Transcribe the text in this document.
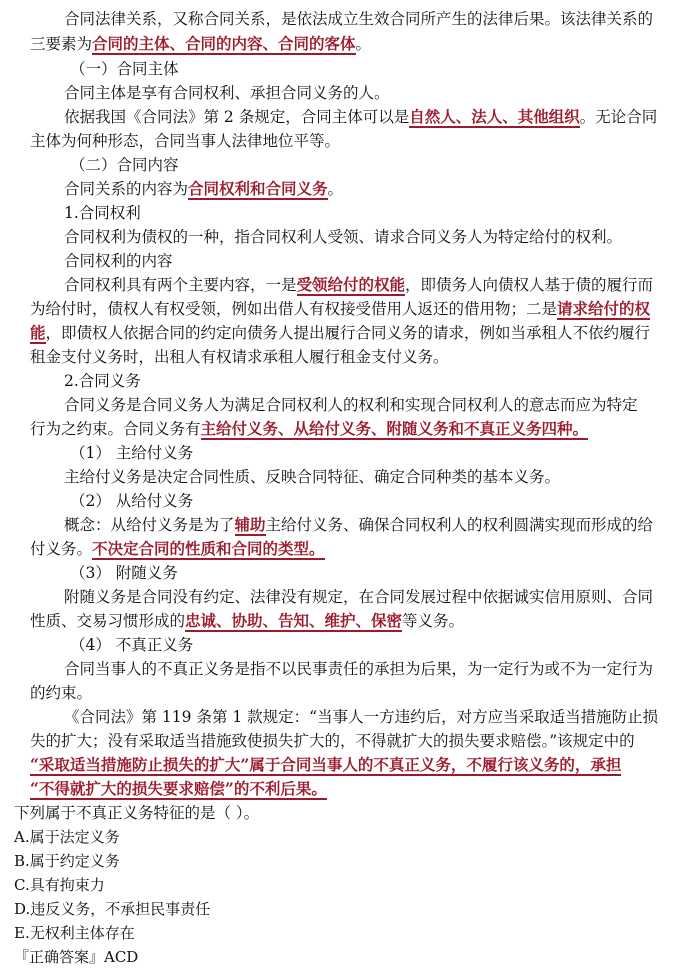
合同法律关系，又称合同关系，是依法成立生效合同所产生的法律后果。该法律关系的
三要素为合同的主体、合同的内容、合同的客体。
（一）合同主体
合同主体是享有合同权利、承担合同义务的人。
依据我国《合同法》第 2 条规定，合同主体可以是自然人、法人、其他组织。无论合同
主体为何种形态，合同当事人法律地位平等。
（二）合同内容
合同关系的内容为合同权利和合同义务。
1.合同权利
合同权利为债权的一种，指合同权利人受领、请求合同义务人为特定给付的权利。
合同权利的内容
合同权利具有两个主要内容，一是受领给付的权能，即债务人向债权人基于债的履行而
为给付时，债权人有权受领，例如出借人有权接受借用人返还的借用物；二是请求给付的权
能，即债权人依据合同的约定向债务人提出履行合同义务的请求，例如当承租人不依约履行
租金支付义务时，出租人有权请求承租人履行租金支付义务。
2.合同义务
合同义务是合同义务人为满足合同权利人的权利和实现合同权利人的意志而应为特定
行为之约束。合同义务有主给付义务、从给付义务、附随义务和不真正义务四种。
（1） 主给付义务
主给付义务是决定合同性质、反映合同特征、确定合同种类的基本义务。
（2） 从给付义务
概念：从给付义务是为了辅助主给付义务、确保合同权利人的权利圆满实现而形成的给
付义务。不决定合同的性质和合同的类型。
（3） 附随义务
附随义务是合同没有约定、法律没有规定，在合同发展过程中依据诚实信用原则、合同
性质、交易习惯形成的忠诚、协助、告知、维护、保密等义务。
（4） 不真正义务
合同当事人的不真正义务是指不以民事责任的承担为后果，为一定行为或不为一定行为
的约束。
《合同法》第 119 条第 1 款规定：“当事人一方违约后，对方应当采取适当措施防止损
失的扩大；没有采取适当措施致使损失扩大的，不得就扩大的损失要求赔偿。”该规定中的
“采取适当措施防止损失的扩大”属于合同当事人的不真正义务，不履行该义务的，承担
“不得就扩大的损失要求赔偿”的不利后果。
下列属于不真正义务特征的是（ ）。
A.属于法定义务
B.属于约定义务
C.具有拘束力
D.违反义务，不承担民事责任
E.无权利主体存在
『正确答案』ACD
